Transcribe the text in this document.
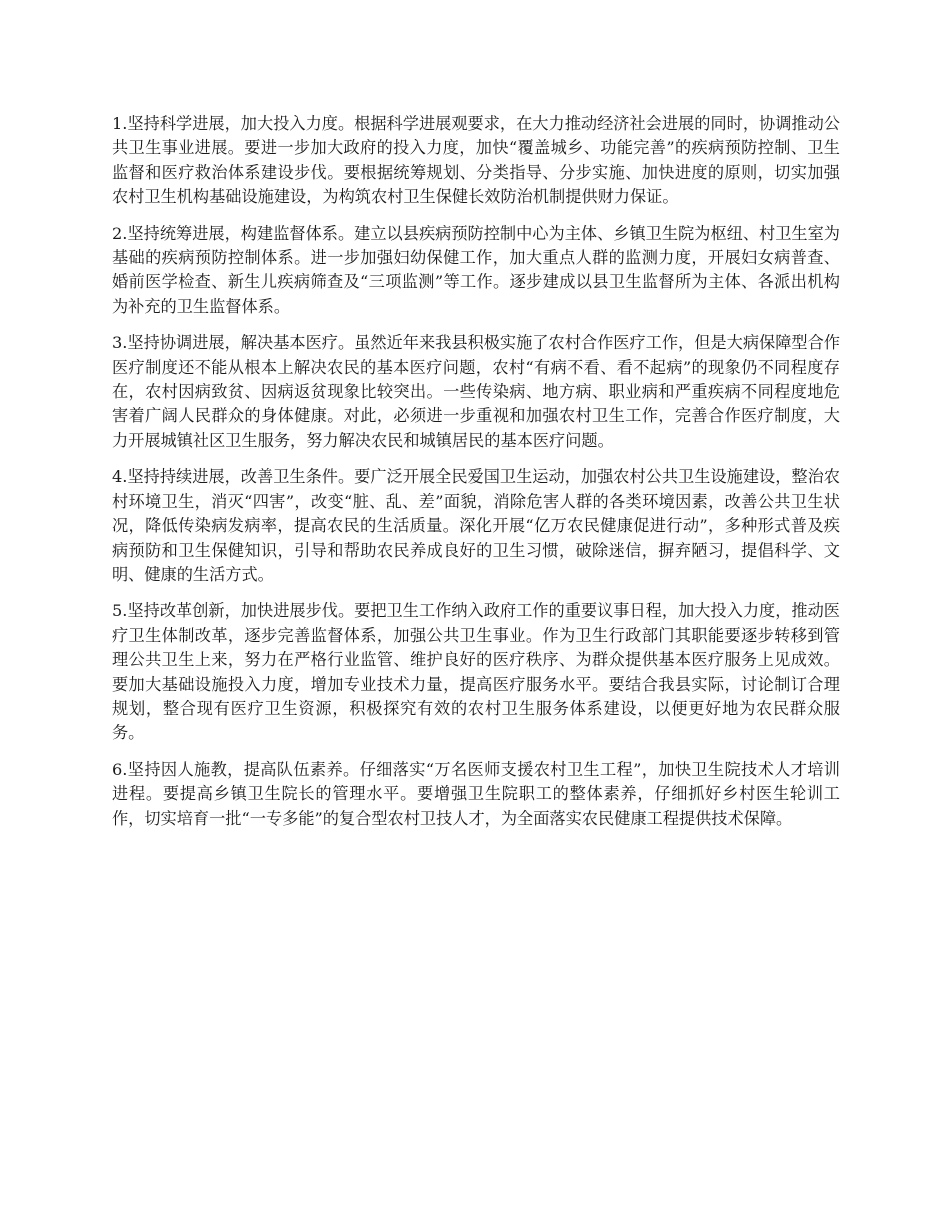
1.坚持科学进展，加大投入力度。根据科学进展观要求，在大力推动经济社会进展的同时，协调推动公共卫生事业进展。要进一步加大政府的投入力度，加快“覆盖城乡、功能完善”的疾病预防控制、卫生监督和医疗救治体系建设步伐。要根据统筹规划、分类指导、分步实施、加快进度的原则，切实加强农村卫生机构基础设施建设，为构筑农村卫生保健长效防治机制提供财力保证。

2.坚持统筹进展，构建监督体系。建立以县疾病预防控制中心为主体、乡镇卫生院为枢纽、村卫生室为基础的疾病预防控制体系。进一步加强妇幼保健工作，加大重点人群的监测力度，开展妇女病普查、婚前医学检查、新生儿疾病筛查及“三项监测”等工作。逐步建成以县卫生监督所为主体、各派出机构为补充的卫生监督体系。

3.坚持协调进展，解决基本医疗。虽然近年来我县积极实施了农村合作医疗工作，但是大病保障型合作医疗制度还不能从根本上解决农民的基本医疗问题，农村“有病不看、看不起病”的现象仍不同程度存在，农村因病致贫、因病返贫现象比较突出。一些传染病、地方病、职业病和严重疾病不同程度地危害着广阔人民群众的身体健康。对此，必须进一步重视和加强农村卫生工作，完善合作医疗制度，大力开展城镇社区卫生服务，努力解决农民和城镇居民的基本医疗问题。

4.坚持持续进展，改善卫生条件。要广泛开展全民爱国卫生运动，加强农村公共卫生设施建设，整治农村环境卫生，消灭“四害”，改变“脏、乱、差”面貌，消除危害人群的各类环境因素，改善公共卫生状况，降低传染病发病率，提高农民的生活质量。深化开展“亿万农民健康促进行动”，多种形式普及疾病预防和卫生保健知识，引导和帮助农民养成良好的卫生习惯，破除迷信，摒弃陋习，提倡科学、文明、健康的生活方式。

5.坚持改革创新，加快进展步伐。要把卫生工作纳入政府工作的重要议事日程，加大投入力度，推动医疗卫生体制改革，逐步完善监督体系，加强公共卫生事业。作为卫生行政部门其职能要逐步转移到管理公共卫生上来，努力在严格行业监管、维护良好的医疗秩序、为群众提供基本医疗服务上见成效。要加大基础设施投入力度，增加专业技术力量，提高医疗服务水平。要结合我县实际，讨论制订合理规划，整合现有医疗卫生资源，积极探究有效的农村卫生服务体系建设，以便更好地为农民群众服务。

6.坚持因人施教，提高队伍素养。仔细落实“万名医师支援农村卫生工程”，加快卫生院技术人才培训进程。要提高乡镇卫生院长的管理水平。要增强卫生院职工的整体素养，仔细抓好乡村医生轮训工作，切实培育一批“一专多能”的复合型农村卫技人才，为全面落实农民健康工程提供技术保障。
